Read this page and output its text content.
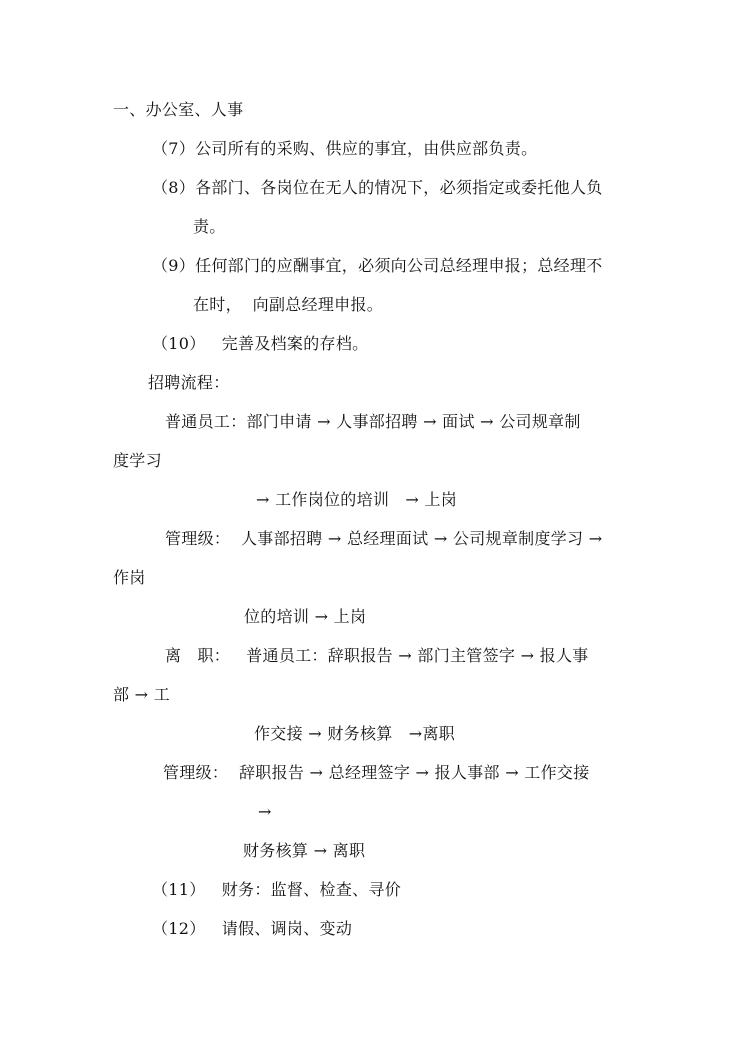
一、办公室、人事
（7）公司所有的采购、供应的事宜，由供应部负责。
（8）各部门、各岗位在无人的情况下，必须指定或委托他人负
责。
（9）任何部门的应酬事宜，必须向公司总经理申报；总经理不
在时，  向副总经理申报。
（10）   完善及档案的存档。
招聘流程：
普通员工：部门申请 → 人事部招聘 → 面试 → 公司规章制
度学习
→ 工作岗位的培训   → 上岗
管理级：  人事部招聘 → 总经理面试 → 公司规章制度学习 →
作岗
位的培训 → 上岗
离   职：   普通员工：辞职报告 → 部门主管签字 → 报人事
部 → 工
作交接 → 财务核算   →离职
管理级：  辞职报告 → 总经理签字 → 报人事部 → 工作交接
→
财务核算 → 离职
（11）   财务：监督、检查、寻价
（12）   请假、调岗、变动
